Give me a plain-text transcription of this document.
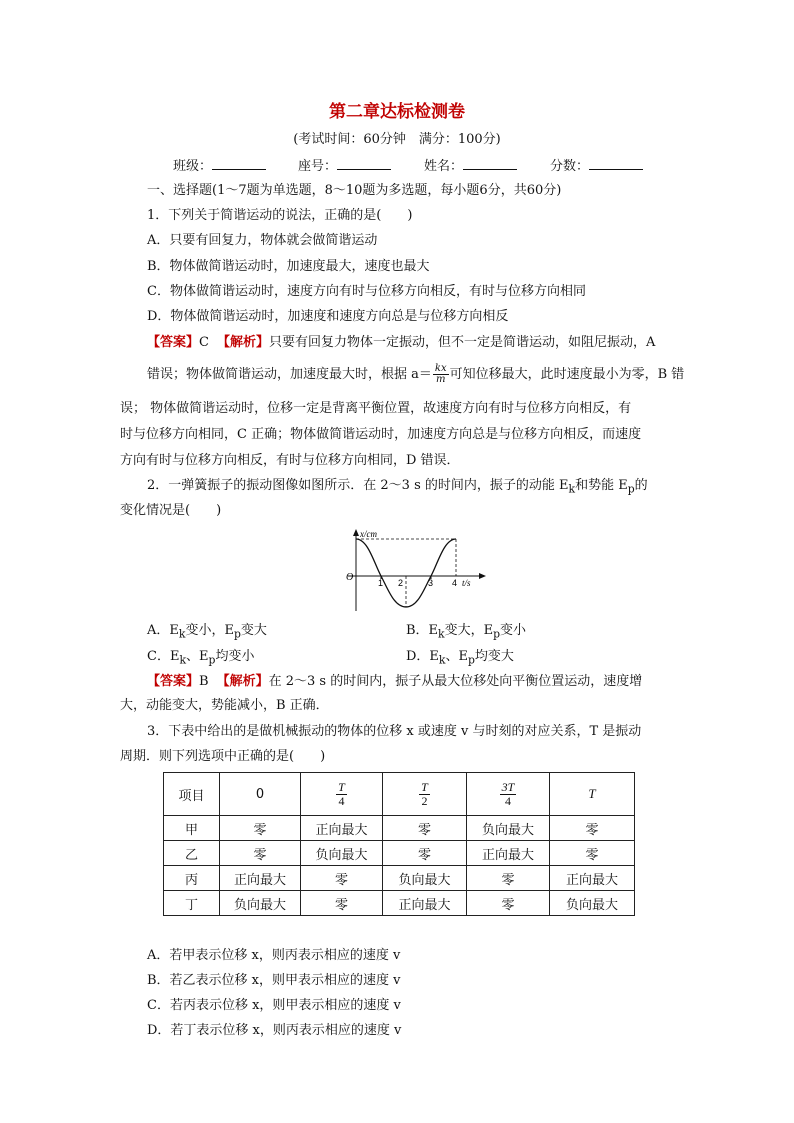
第二章达标检测卷
(考试时间：60分钟　满分：100分)
班级：	座号：	姓名：	分数：
一、选择题(1～7题为单选题，8～10题为多选题，每小题6分，共60分)
1．下列关于简谐运动的说法，正确的是(　　)
A．只要有回复力，物体就会做简谐运动
B．物体做简谐运动时，加速度最大，速度也最大
C．物体做简谐运动时，速度方向有时与位移方向相反，有时与位移方向相同
D．物体做简谐运动时，加速度和速度方向总是与位移方向相反
【答案】C 【解析】只要有回复力物体一定振动，但不一定是简谐运动，如阻尼振动，A
错误；物体做简谐运动，加速度最大时，根据 $a= \frac{kx}{m}$ 可知位移最大，此时速度最小为零，B 错
误； 物体做简谐运动时，位移一定是背离平衡位置，故速度方向有时与位移方向相反，有
时与位移方向相同，C 正确；物体做简谐运动时，加速度方向总是与位移方向相反，而速度
方向有时与位移方向相反，有时与位移方向相同，D 错误．
2．一弹簧振子的振动图像如图所示．在 2～3 s 的时间内，振子的动能 $E_k$和势能 $E_p$的
变化情况是(　　)
x/cm
O	1 2	3 4 t/s
A．$E_k$变小，$E_p$变大	B．$E_k$变大，$E_p$变小
C．$E_k$、$E_p$均变小	D．$E_k$、$E_p$均变大
【答案】B 【解析】在 2～3 s 的时间内，振子从最大位移处向平衡位置运动，速度增
大，动能变大，势能减小，B 正确．
3．下表中给出的是做机械振动的物体的位移 x 或速度 v 与时刻的对应关系，T 是振动
周期．则下列选项中正确的是(　　)
项目	0	$\frac{T}{4}$	$\frac{T}{2}$	$\frac{3T}{4}$	T
甲	零	正向最大	零	负向最大	零
乙	零	负向最大	零	正向最大	零
丙	正向最大	零	负向最大	零	正向最大
丁	负向最大	零	正向最大	零	负向最大
A．若甲表示位移 x，则丙表示相应的速度 v
B．若乙表示位移 x，则甲表示相应的速度 v
C．若丙表示位移 x，则甲表示相应的速度 v
D．若丁表示位移 x，则丙表示相应的速度 v
